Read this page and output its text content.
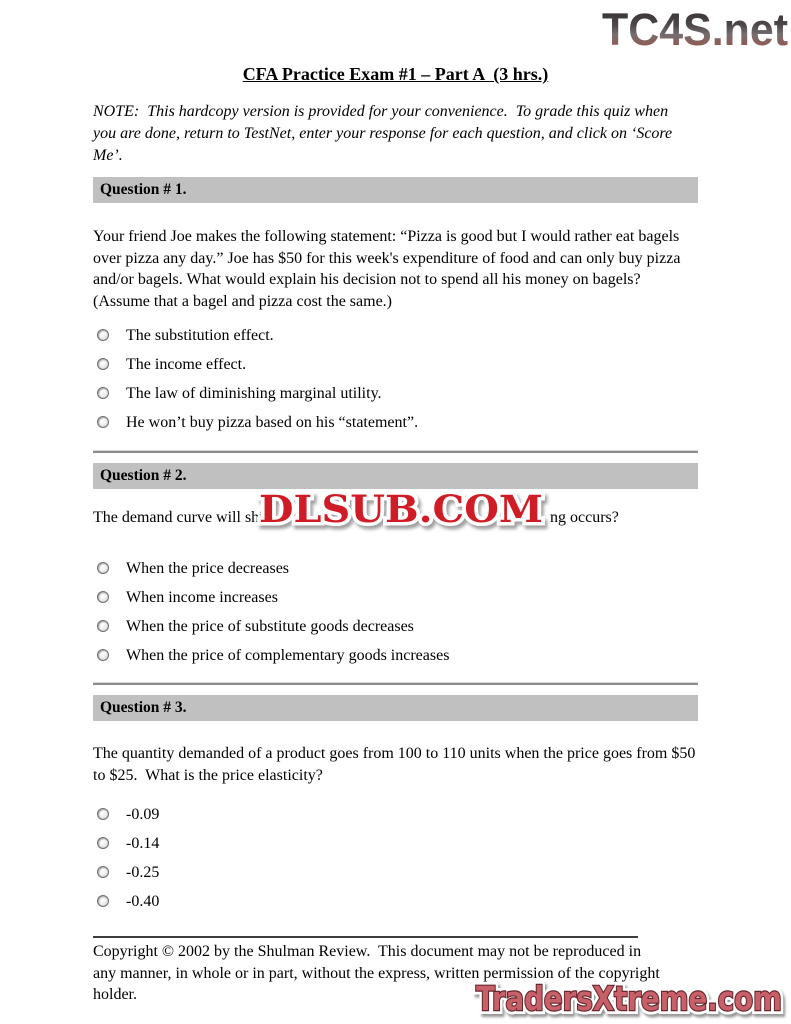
TC4S.net
CFA Practice Exam #1 – Part A  (3 hrs.)
NOTE:  This hardcopy version is provided for your convenience.  To grade this quiz when you are done, return to TestNet, enter your response for each question, and click on ‘Score Me’.
Question # 1.
Your friend Joe makes the following statement: “Pizza is good but I would rather eat bagels over pizza any day.” Joe has $50 for this week's expenditure of food and can only buy pizza and/or bagels. What would explain his decision not to spend all his money on bagels? (Assume that a bagel and pizza cost the same.)
The substitution effect.
The income effect.
The law of diminishing marginal utility.
He won’t buy pizza based on his “statement”.
Question # 2.
The demand curve will shi	ng occurs?
When the price decreases
When income increases
When the price of substitute goods decreases
When the price of complementary goods increases
Question # 3.
The quantity demanded of a product goes from 100 to 110 units when the price goes from $50 to $25.  What is the price elasticity?
-0.09
-0.14
-0.25
-0.40
Copyright © 2002 by the Shulman Review.  This document may not be reproduced in any manner, in whole or in part, without the express, written permission of the copyright holder.
DLSUB.COM
TradersXtreme.com
TradersXtreme.com
